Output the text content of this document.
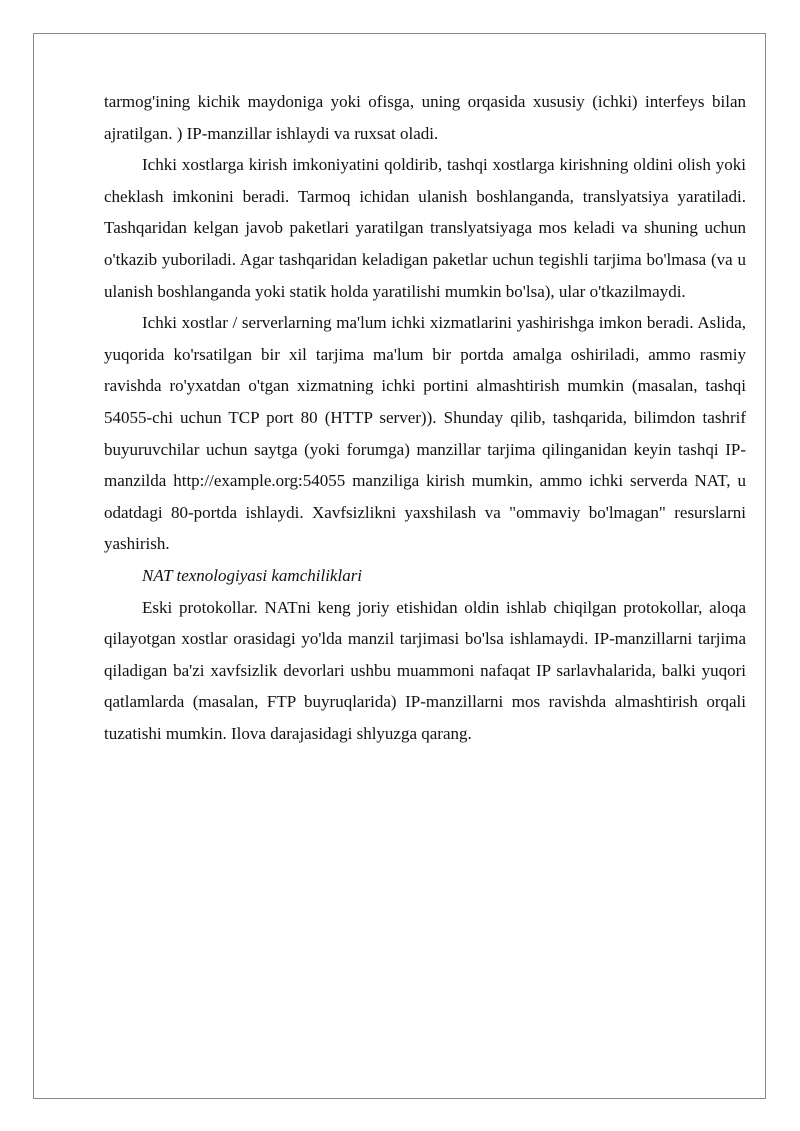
tarmog'ining kichik maydoniga yoki ofisga, uning orqasida xususiy (ichki) interfeys bilan ajratilgan. ) IP-manzillar ishlaydi va ruxsat oladi.

Ichki xostlarga kirish imkoniyatini qoldirib, tashqi xostlarga kirishning oldini olish yoki cheklash imkonini beradi. Tarmoq ichidan ulanish boshlanganda, translyatsiya yaratiladi. Tashqaridan kelgan javob paketlari yaratilgan translyatsiyaga mos keladi va shuning uchun o'tkazib yuboriladi. Agar tashqaridan keladigan paketlar uchun tegishli tarjima bo'lmasa (va u ulanish boshlanganda yoki statik holda yaratilishi mumkin bo'lsa), ular o'tkazilmaydi.

Ichki xostlar / serverlarning ma'lum ichki xizmatlarini yashirishga imkon beradi. Aslida, yuqorida ko'rsatilgan bir xil tarjima ma'lum bir portda amalga oshiriladi, ammo rasmiy ravishda ro'yxatdan o'tgan xizmatning ichki portini almashtirish mumkin (masalan, tashqi 54055-chi uchun TCP port 80 (HTTP server)). Shunday qilib, tashqarida, bilimdon tashrif buyuruvchilar uchun saytga (yoki forumga) manzillar tarjima qilinganidan keyin tashqi IP-manzilda http://example.org:54055 manziliga kirish mumkin, ammo ichki serverda NAT, u odatdagi 80-portda ishlaydi. Xavfsizlikni yaxshilash va "ommaviy bo'lmagan" resurslarni yashirish.

NAT texnologiyasi kamchiliklari

Eski protokollar. NATni keng joriy etishidan oldin ishlab chiqilgan protokollar, aloqa qilayotgan xostlar orasidagi yo'lda manzil tarjimasi bo'lsa ishlamaydi. IP-manzillarni tarjima qiladigan ba'zi xavfsizlik devorlari ushbu muammoni nafaqat IP sarlavhalarida, balki yuqori qatlamlarda (masalan, FTP buyruqlarida) IP-manzillarni mos ravishda almashtirish orqali tuzatishi mumkin. Ilova darajasidagi shlyuzga qarang.
